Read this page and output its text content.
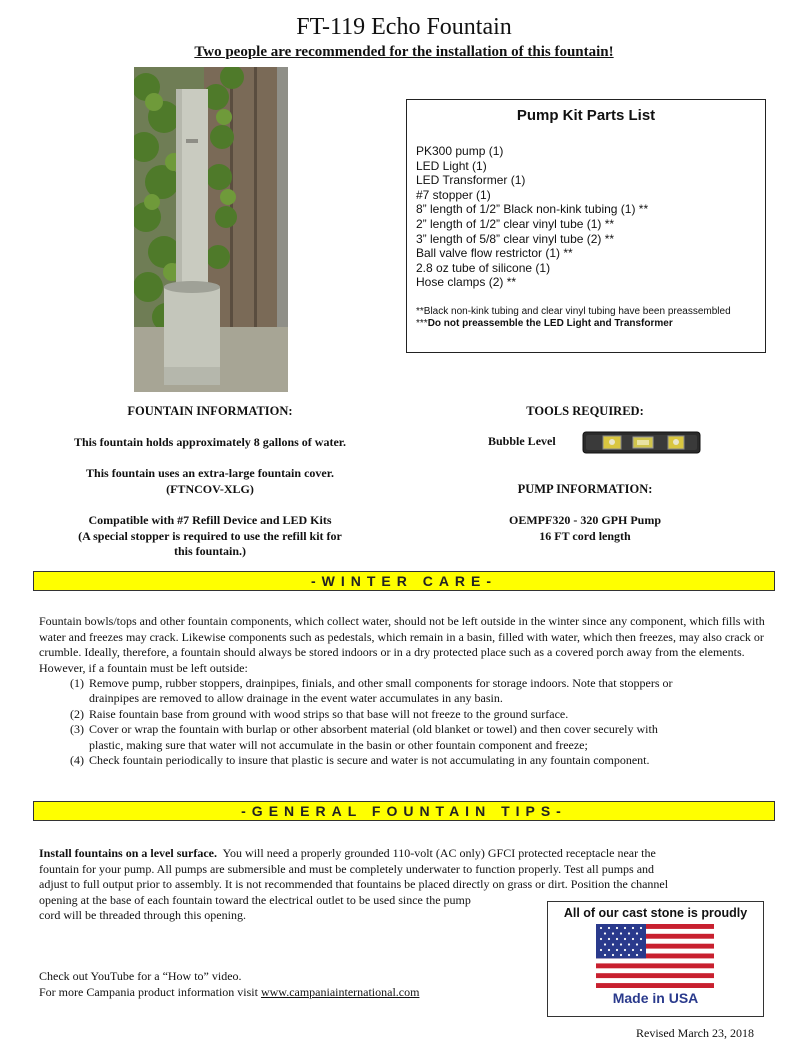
FT-119 Echo Fountain
Two people are recommended for the installation of this fountain!
Pump Kit Parts List
PK300 pump (1)
LED Light (1)
LED Transformer (1)
#7 stopper (1)
8” length of 1/2” Black non-kink tubing (1) **
2” length of 1/2” clear vinyl tube (1) **
3” length of 5/8” clear vinyl tube (2) **
Ball valve flow restrictor (1) **
2.8 oz tube of silicone (1)
Hose clamps (2) **
**Black non-kink tubing and clear vinyl tubing have been preassembled
***Do not preassemble the LED Light and Transformer
FOUNTAIN INFORMATION:
This fountain holds approximately 8 gallons of water.
This fountain uses an extra-large fountain cover.
(FTNCOV-XLG)
Compatible with #7 Refill Device and LED Kits
(A special stopper is required to use the refill kit for
this fountain.)
TOOLS REQUIRED:
Bubble Level
PUMP INFORMATION:
OEMPF320 - 320 GPH Pump
16 FT cord length
-WINTER CARE-
Fountain bowls/tops and other fountain components, which collect water, should not be left outside in the winter since any component, which fills with water and freezes may crack. Likewise components such as pedestals, which remain in a basin, filled with water, which then freezes, may also crack or crumble. Ideally, therefore, a fountain should always be stored indoors or in a dry protected place such as a covered porch away from the elements. However, if a fountain must be left outside:
(1) Remove pump, rubber stoppers, drainpipes, finials, and other small components for storage indoors. Note that stoppers or
drainpipes are removed to allow drainage in the event water accumulates in any basin.
(2) Raise fountain base from ground with wood strips so that base will not freeze to the ground surface.
(3) Cover or wrap the fountain with burlap or other absorbent material (old blanket or towel) and then cover securely with
plastic, making sure that water will not accumulate in the basin or other fountain component and freeze;
(4) Check fountain periodically to insure that plastic is secure and water is not accumulating in any fountain component.
-GENERAL FOUNTAIN TIPS-
Install fountains on a level surface. You will need a properly grounded 110-volt (AC only) GFCI protected receptacle near the
fountain for your pump. All pumps are submersible and must be completely underwater to function properly. Test all pumps and
adjust to full output prior to assembly. It is not recommended that fountains be placed directly on grass or dirt. Position the channel
opening at the base of each fountain toward the electrical outlet to be used since the pump
cord will be threaded through this opening.
Check out YouTube for a “How to” video.
For more Campania product information visit www.campaniainternational.com
All of our cast stone is proudly
Made in USA
Revised March 23, 2018
